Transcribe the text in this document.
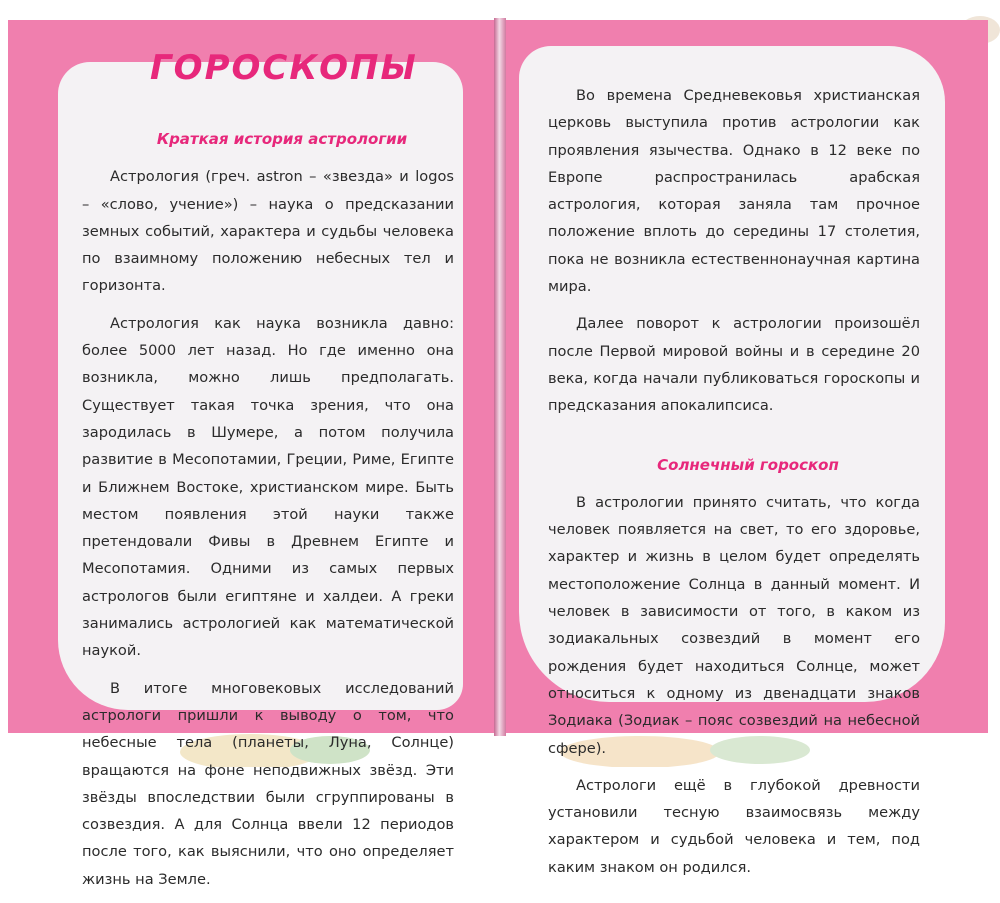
ГОРОСКОПЫ

Краткая история астрологии

Астрология (греч. astron – «звезда» и logos – «слово, учение») – наука о предсказании земных событий, характера и судьбы человека по взаимному положению небесных тел и горизонта.

Астрология как наука возникла давно: более 5000 лет назад. Но где именно она возникла, можно лишь предполагать. Существует такая точка зрения, что она зародилась в Шумере, а потом получила развитие в Месопотамии, Греции, Риме, Египте и Ближнем Востоке, христианском мире. Быть местом появления этой науки также претендовали Фивы в Древнем Египте и Месопотамия. Одними из самых первых астрологов были египтяне и халдеи. А греки занимались астрологией как математической наукой.

В итоге многовековых исследований астрологи пришли к выводу о том, что небесные тела (планеты, Луна, Солнце) вращаются на фоне неподвижных звёзд. Эти звёзды впоследствии были сгруппированы в созвездия. А для Солнца ввели 12 периодов после того, как выяснили, что оно определяет жизнь на Земле.

Во времена Средневековья христианская церковь выступила против астрологии как проявления язычества. Однако в 12 веке по Европе распространилась арабская астрология, которая заняла там прочное положение вплоть до середины 17 столетия, пока не возникла естественнонаучная картина мира.

Далее поворот к астрологии произошёл после Первой мировой войны и в середине 20 века, когда начали публиковаться гороскопы и предсказания апокалипсиса.

Солнечный гороскоп

В астрологии принято считать, что когда человек появляется на свет, то его здоровье, характер и жизнь в целом будет определять местоположение Солнца в данный момент. И человек в зависимости от того, в каком из зодиакальных созвездий в момент его рождения будет находиться Солнце, может относиться к одному из двенадцати знаков Зодиака (Зодиак – пояс созвездий на небесной сфере).

Астрологи ещё в глубокой древности установили тесную взаимосвязь между характером и судьбой человека и тем, под каким знаком он родился.
